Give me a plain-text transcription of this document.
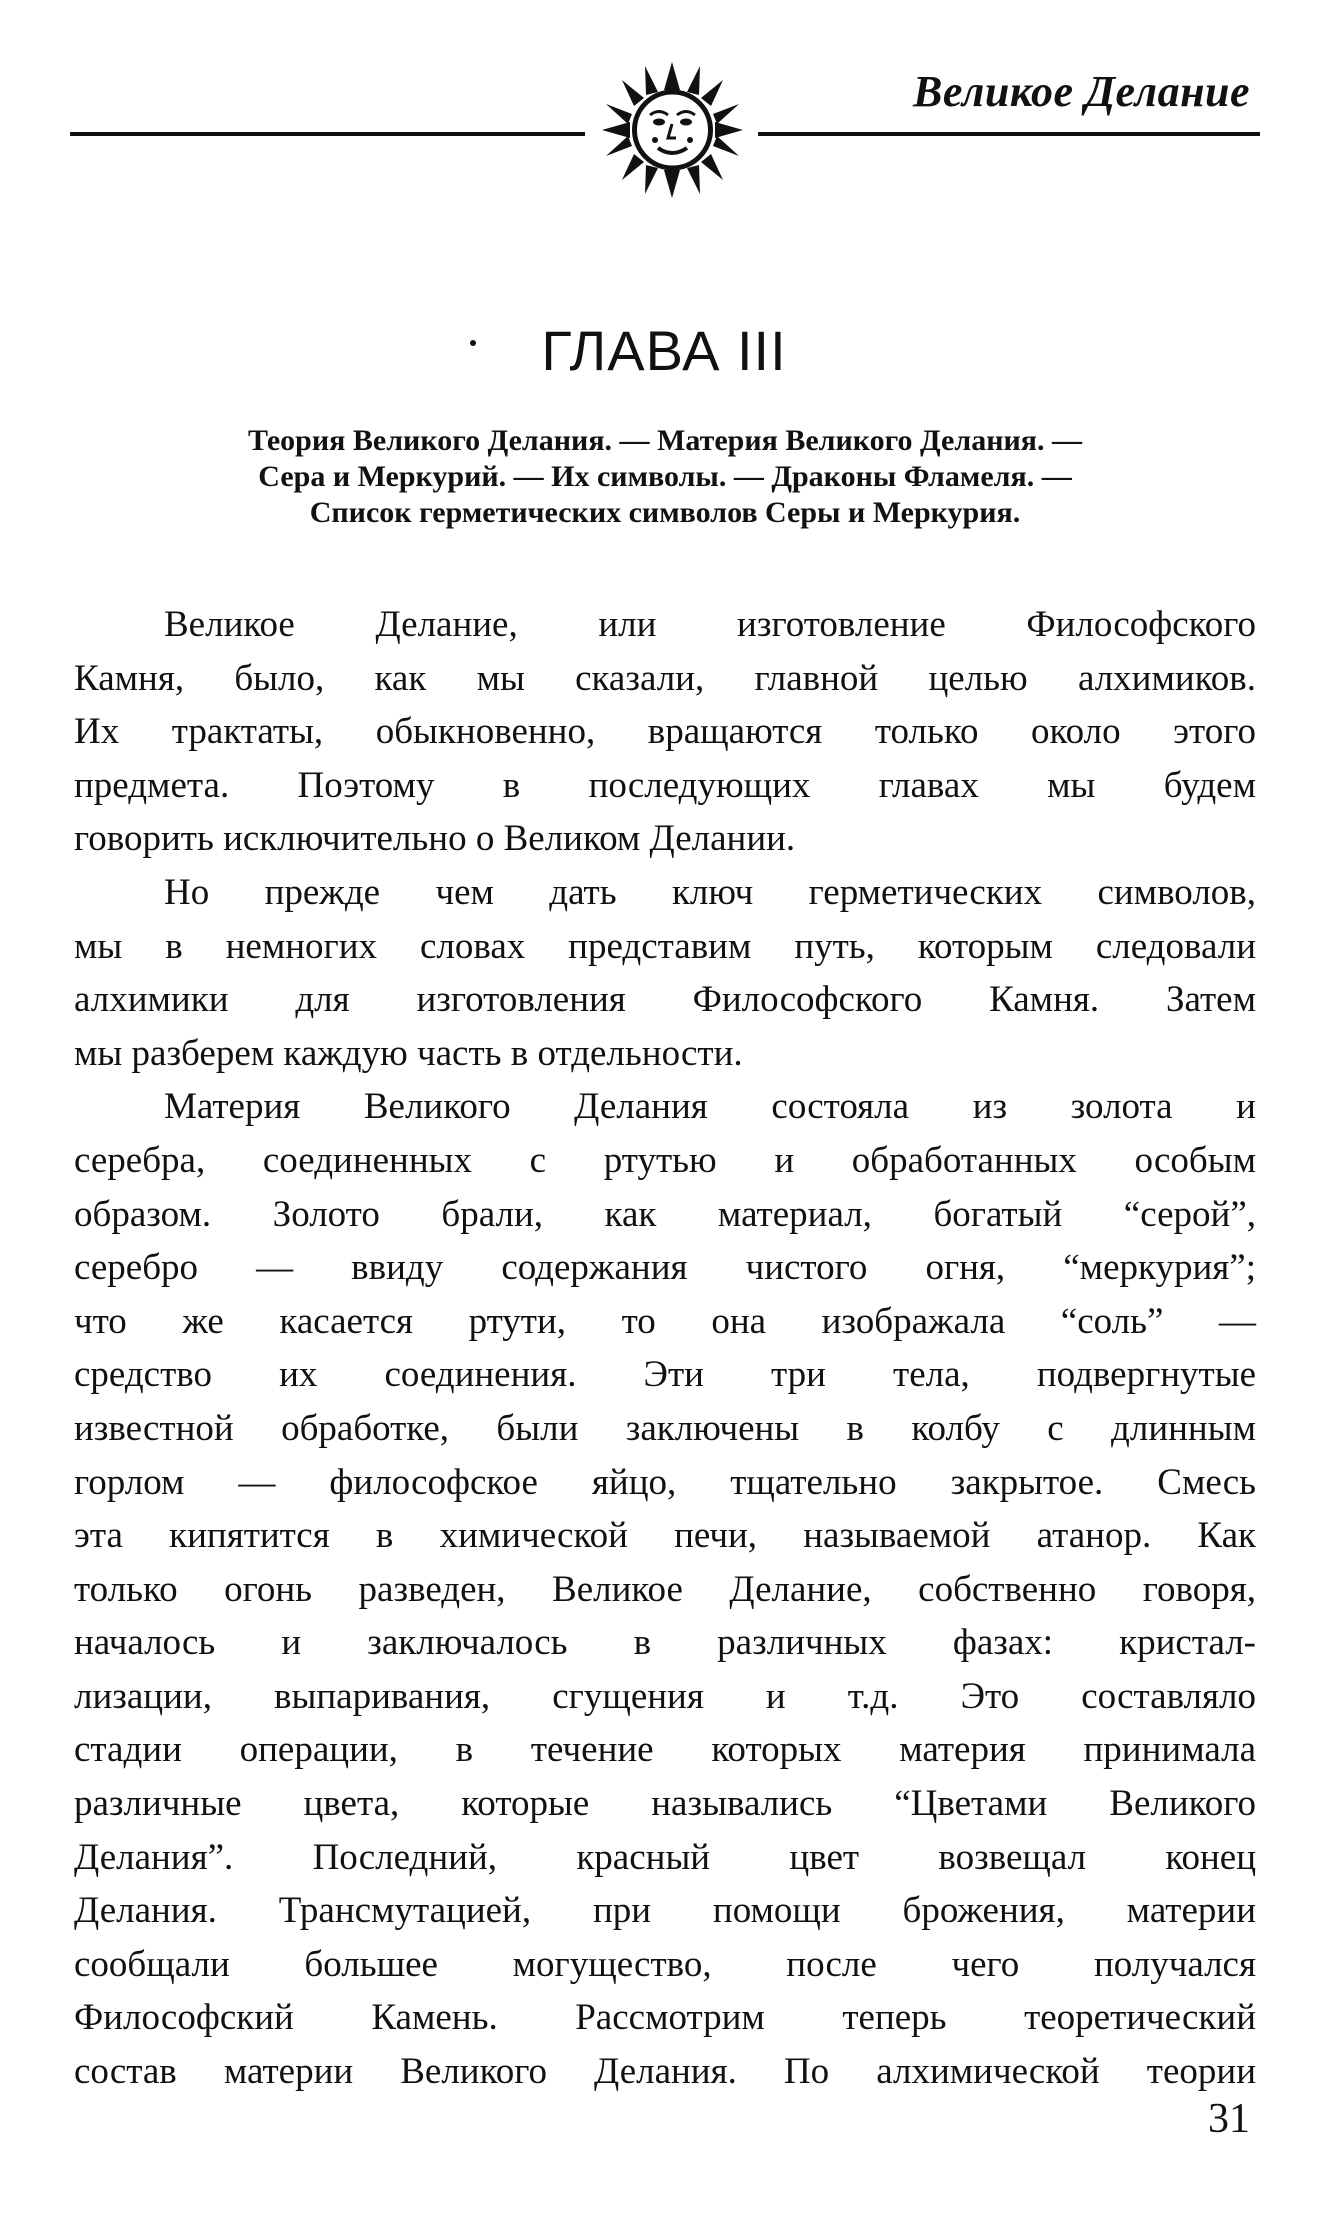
Великое Делание
ГЛАВА III
Теория Великого Делания. — Материя Великого Делания. —
Сера и Меркурий. — Их символы. — Драконы Фламеля. —
Список герметических символов Серы и Меркурия.
Великое Делание, или изготовление Философского
Камня, было, как мы сказали, главной целью алхимиков.
Их трактаты, обыкновенно, вращаются только около этого
предмета. Поэтому в последующих главах мы будем
говорить исключительно о Великом Делании.
Но прежде чем дать ключ герметических символов,
мы в немногих словах представим путь, которым следовали
алхимики для изготовления Философского Камня. Затем
мы разберем каждую часть в отдельности.
Материя Великого Делания состояла из золота и
серебра, соединенных с ртутью и обработанных особым
образом. Золото брали, как материал, богатый “серой”,
серебро — ввиду содержания чистого огня, “меркурия”;
что же касается ртути, то она изображала “соль” —
средство их соединения. Эти три тела, подвергнутые
известной обработке, были заключены в колбу с длинным
горлом — философское яйцо, тщательно закрытое. Смесь
эта кипятится в химической печи, называемой атанор. Как
только огонь разведен, Великое Делание, собственно говоря,
началось и заключалось в различных фазах: кристал-
лизации, выпаривания, сгущения и т.д. Это составляло
стадии операции, в течение которых материя принимала
различные цвета, которые назывались “Цветами Великого
Делания”. Последний, красный цвет возвещал конец
Делания. Трансмутацией, при помощи брожения, материи
сообщали большее могущество, после чего получался
Философский Камень. Рассмотрим теперь теоретический
состав материи Великого Делания. По алхимической теории
31
